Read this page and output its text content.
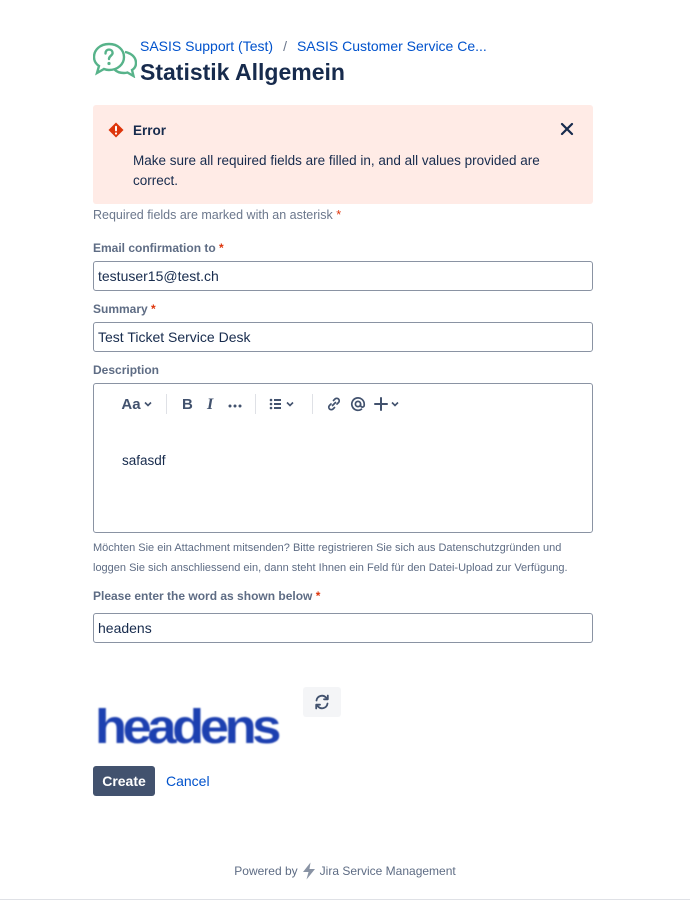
SASIS Support (Test) / SASIS Customer Service Ce...
Statistik Allgemein
Error
Make sure all required fields are filled in, and all values provided are correct.
Required fields are marked with an asterisk *
Email confirmation to *
testuser15@test.ch
Summary *
Test Ticket Service Desk
Description
Aa	B I
safasdf
Möchten Sie ein Attachment mitsenden? Bitte registrieren Sie sich aus Datenschutzgründen und loggen Sie sich anschliessend ein, dann steht Ihnen ein Feld für den Datei-Upload zur Verfügung.
Please enter the word as shown below *
headens
headens
Create	Cancel
Powered by Jira Service Management
